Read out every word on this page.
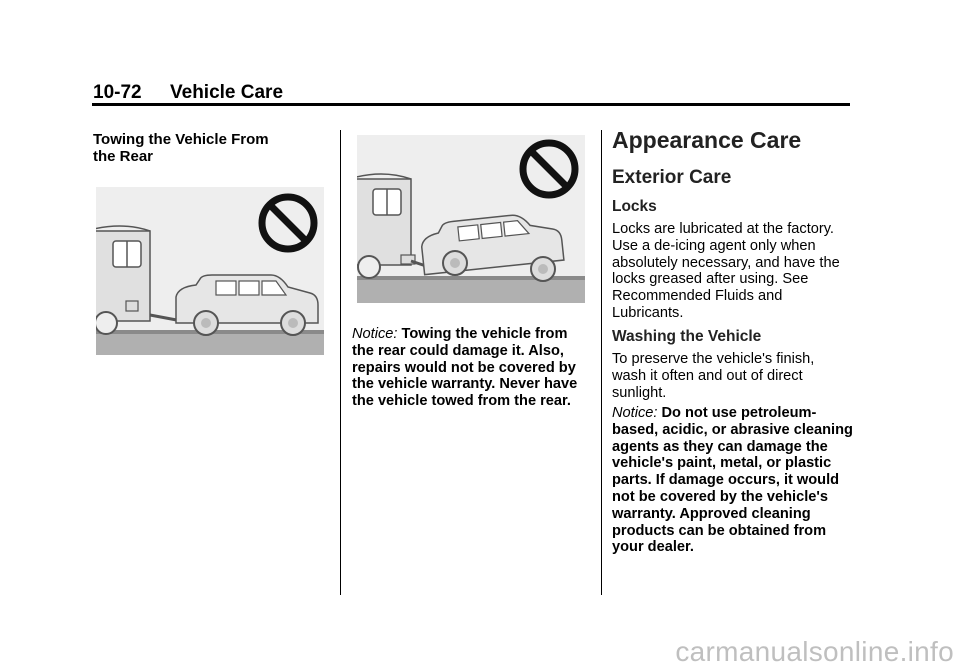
10-72 Vehicle Care
Towing the Vehicle From
the Rear
Notice: Towing the vehicle from the rear could damage it. Also, repairs would not be covered by the vehicle warranty. Never have the vehicle towed from the rear.
Appearance Care
Exterior Care
Locks
Locks are lubricated at the factory. Use a de-icing agent only when absolutely necessary, and have the locks greased after using. See Recommended Fluids and Lubricants.
Washing the Vehicle
To preserve the vehicle's finish, wash it often and out of direct sunlight.
Notice: Do not use petroleum-based, acidic, or abrasive cleaning agents as they can damage the vehicle's paint, metal, or plastic parts. If damage occurs, it would not be covered by the vehicle's warranty. Approved cleaning products can be obtained from your dealer.
carmanualsonline.info
